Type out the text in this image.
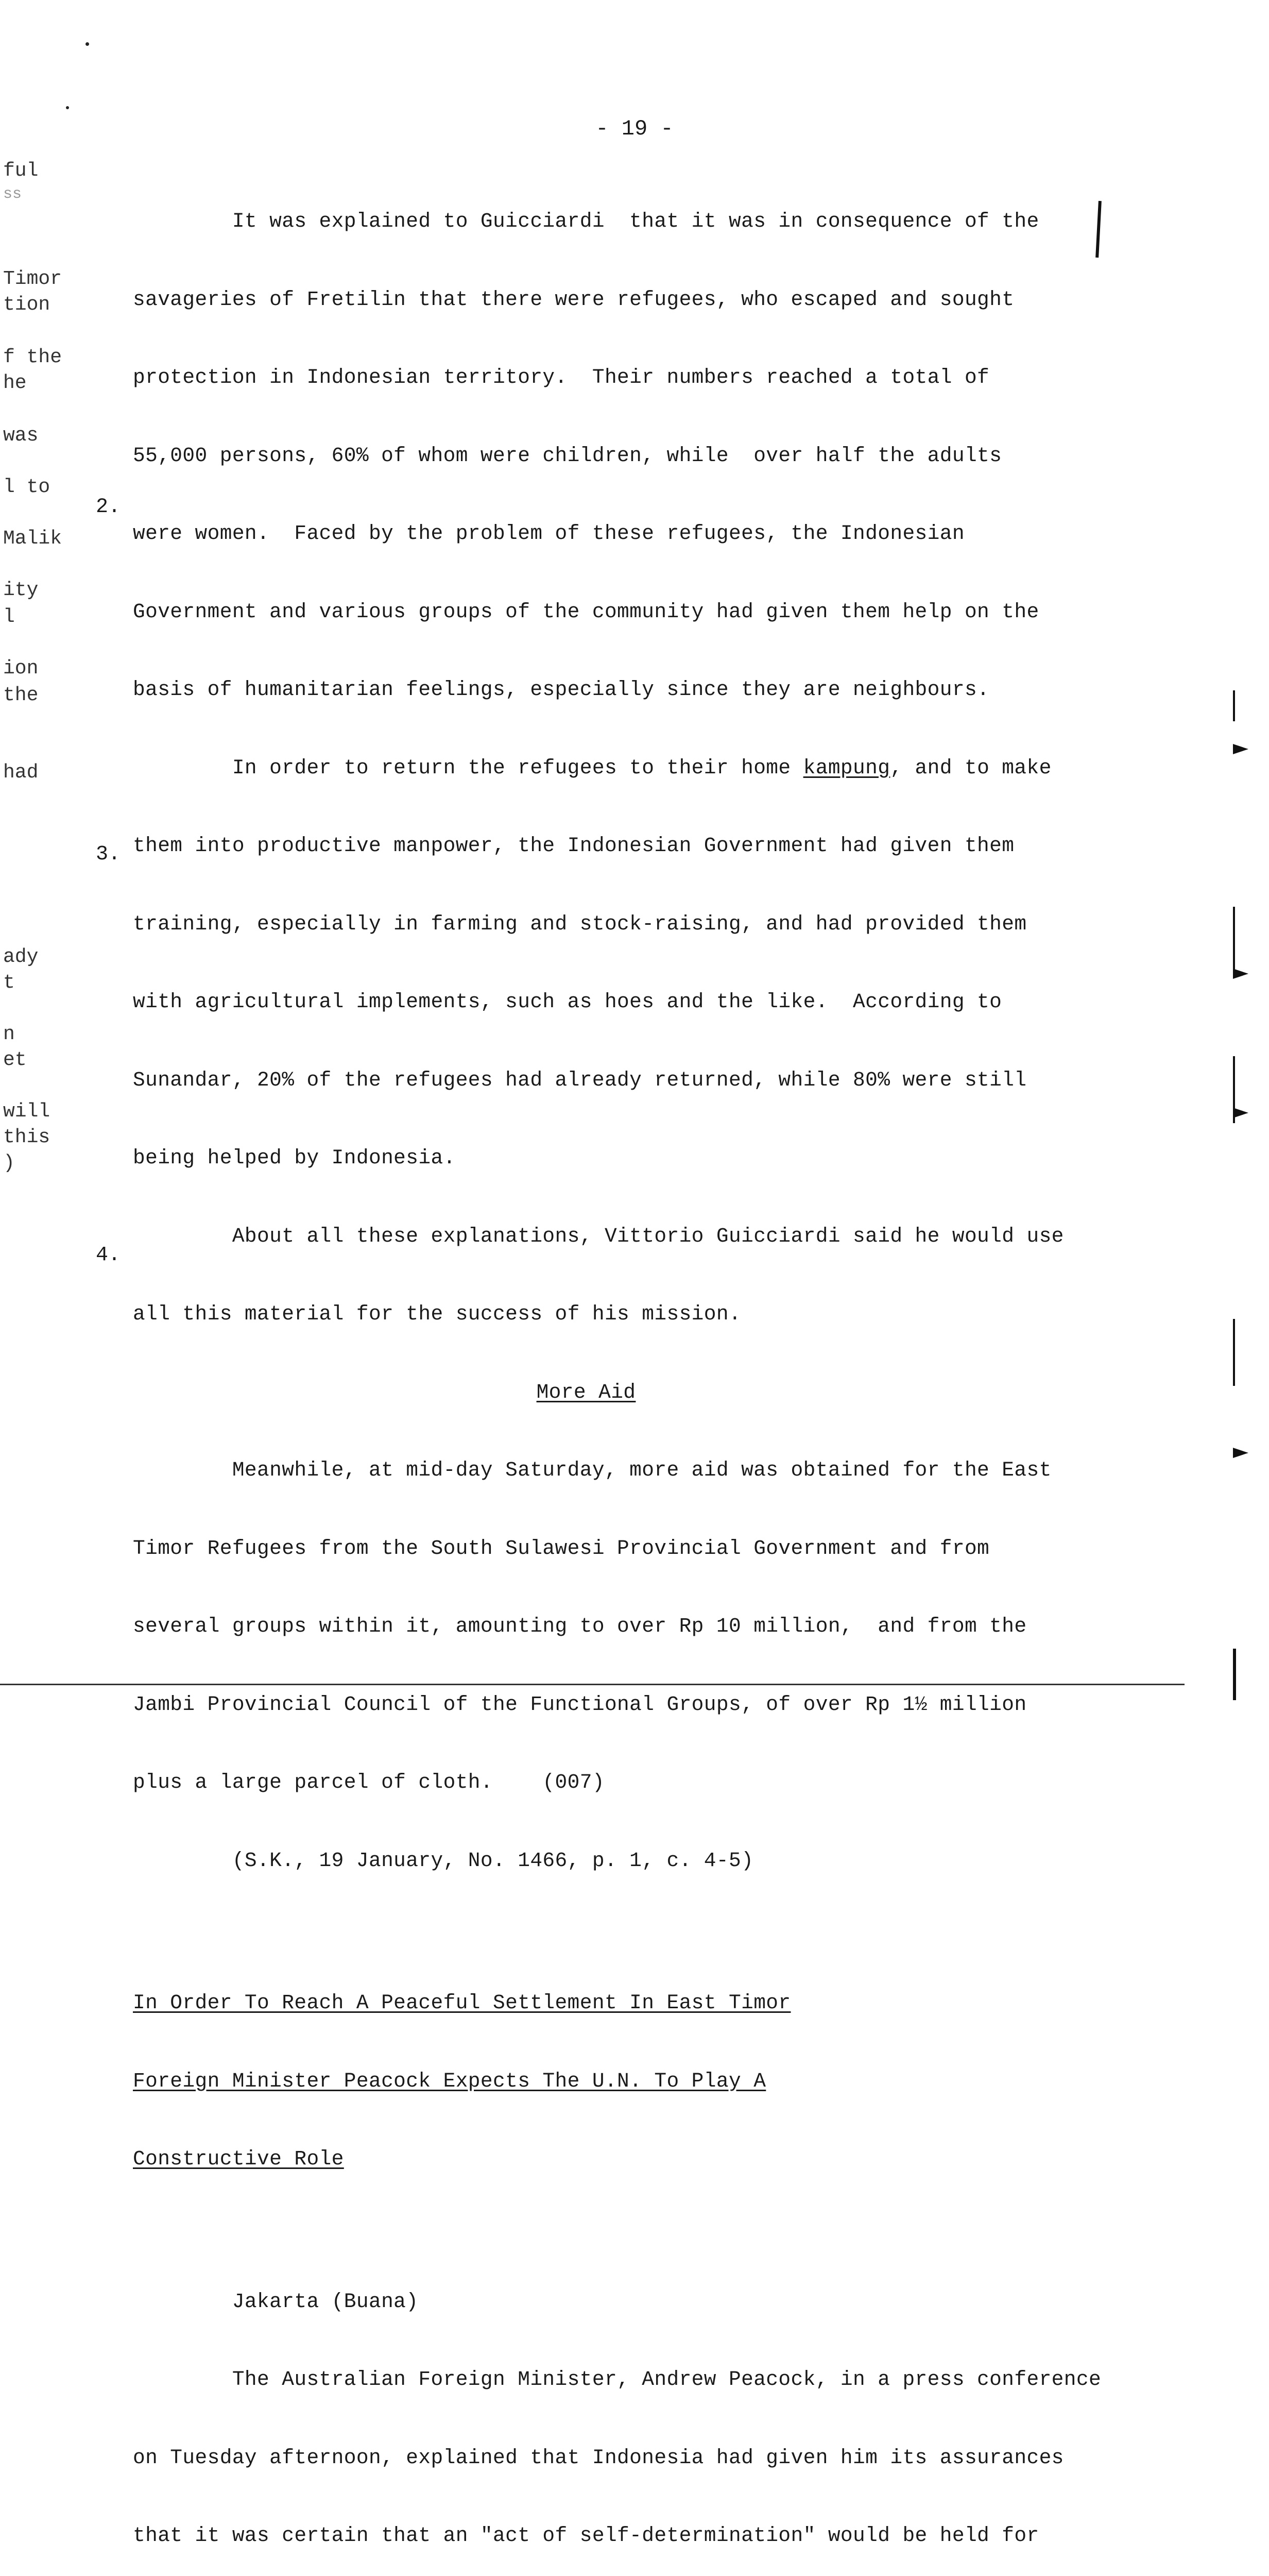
- 19 -
ful
ss
Timor
tion
f the
he
was
l to
Malik
ity
l
ion
the
had
ady
t
n
et
will
this
)
2.
3.
4.

It was explained to Guicciardi  that it was in consequence of the

savageries of Fretilin that there were refugees, who escaped and sought

protection in Indonesian territory.  Their numbers reached a total of

55,000 persons, 60% of whom were children, while  over half the adults

were women.  Faced by the problem of these refugees, the Indonesian

Government and various groups of the community had given them help on the

basis of humanitarian feelings, especially since they are neighbours.

In order to return the refugees to their home kampung, and to make

them into productive manpower, the Indonesian Government had given them

training, especially in farming and stock-raising, and had provided them

with agricultural implements, such as hoes and the like.  According to

Sunandar, 20% of the refugees had already returned, while 80% were still

being helped by Indonesia.

About all these explanations, Vittorio Guicciardi said he would use

all this material for the success of his mission.

More Aid

Meanwhile, at mid-day Saturday, more aid was obtained for the East

Timor Refugees from the South Sulawesi Provincial Government and from

several groups within it, amounting to over Rp 10 million,  and from the

Jambi Provincial Council of the Functional Groups, of over Rp 1½ million

plus a large parcel of cloth.    (007)

(S.K., 19 January, No. 1466, p. 1, c. 4-5)

In Order To Reach A Peaceful Settlement In East Timor

Foreign Minister Peacock Expects The U.N. To Play A

Constructive Role

Jakarta (Buana)

The Australian Foreign Minister, Andrew Peacock, in a press conference

on Tuesday afternoon, explained that Indonesia had given him its assurances

that it was certain that an "act of self-determination" would be held for
